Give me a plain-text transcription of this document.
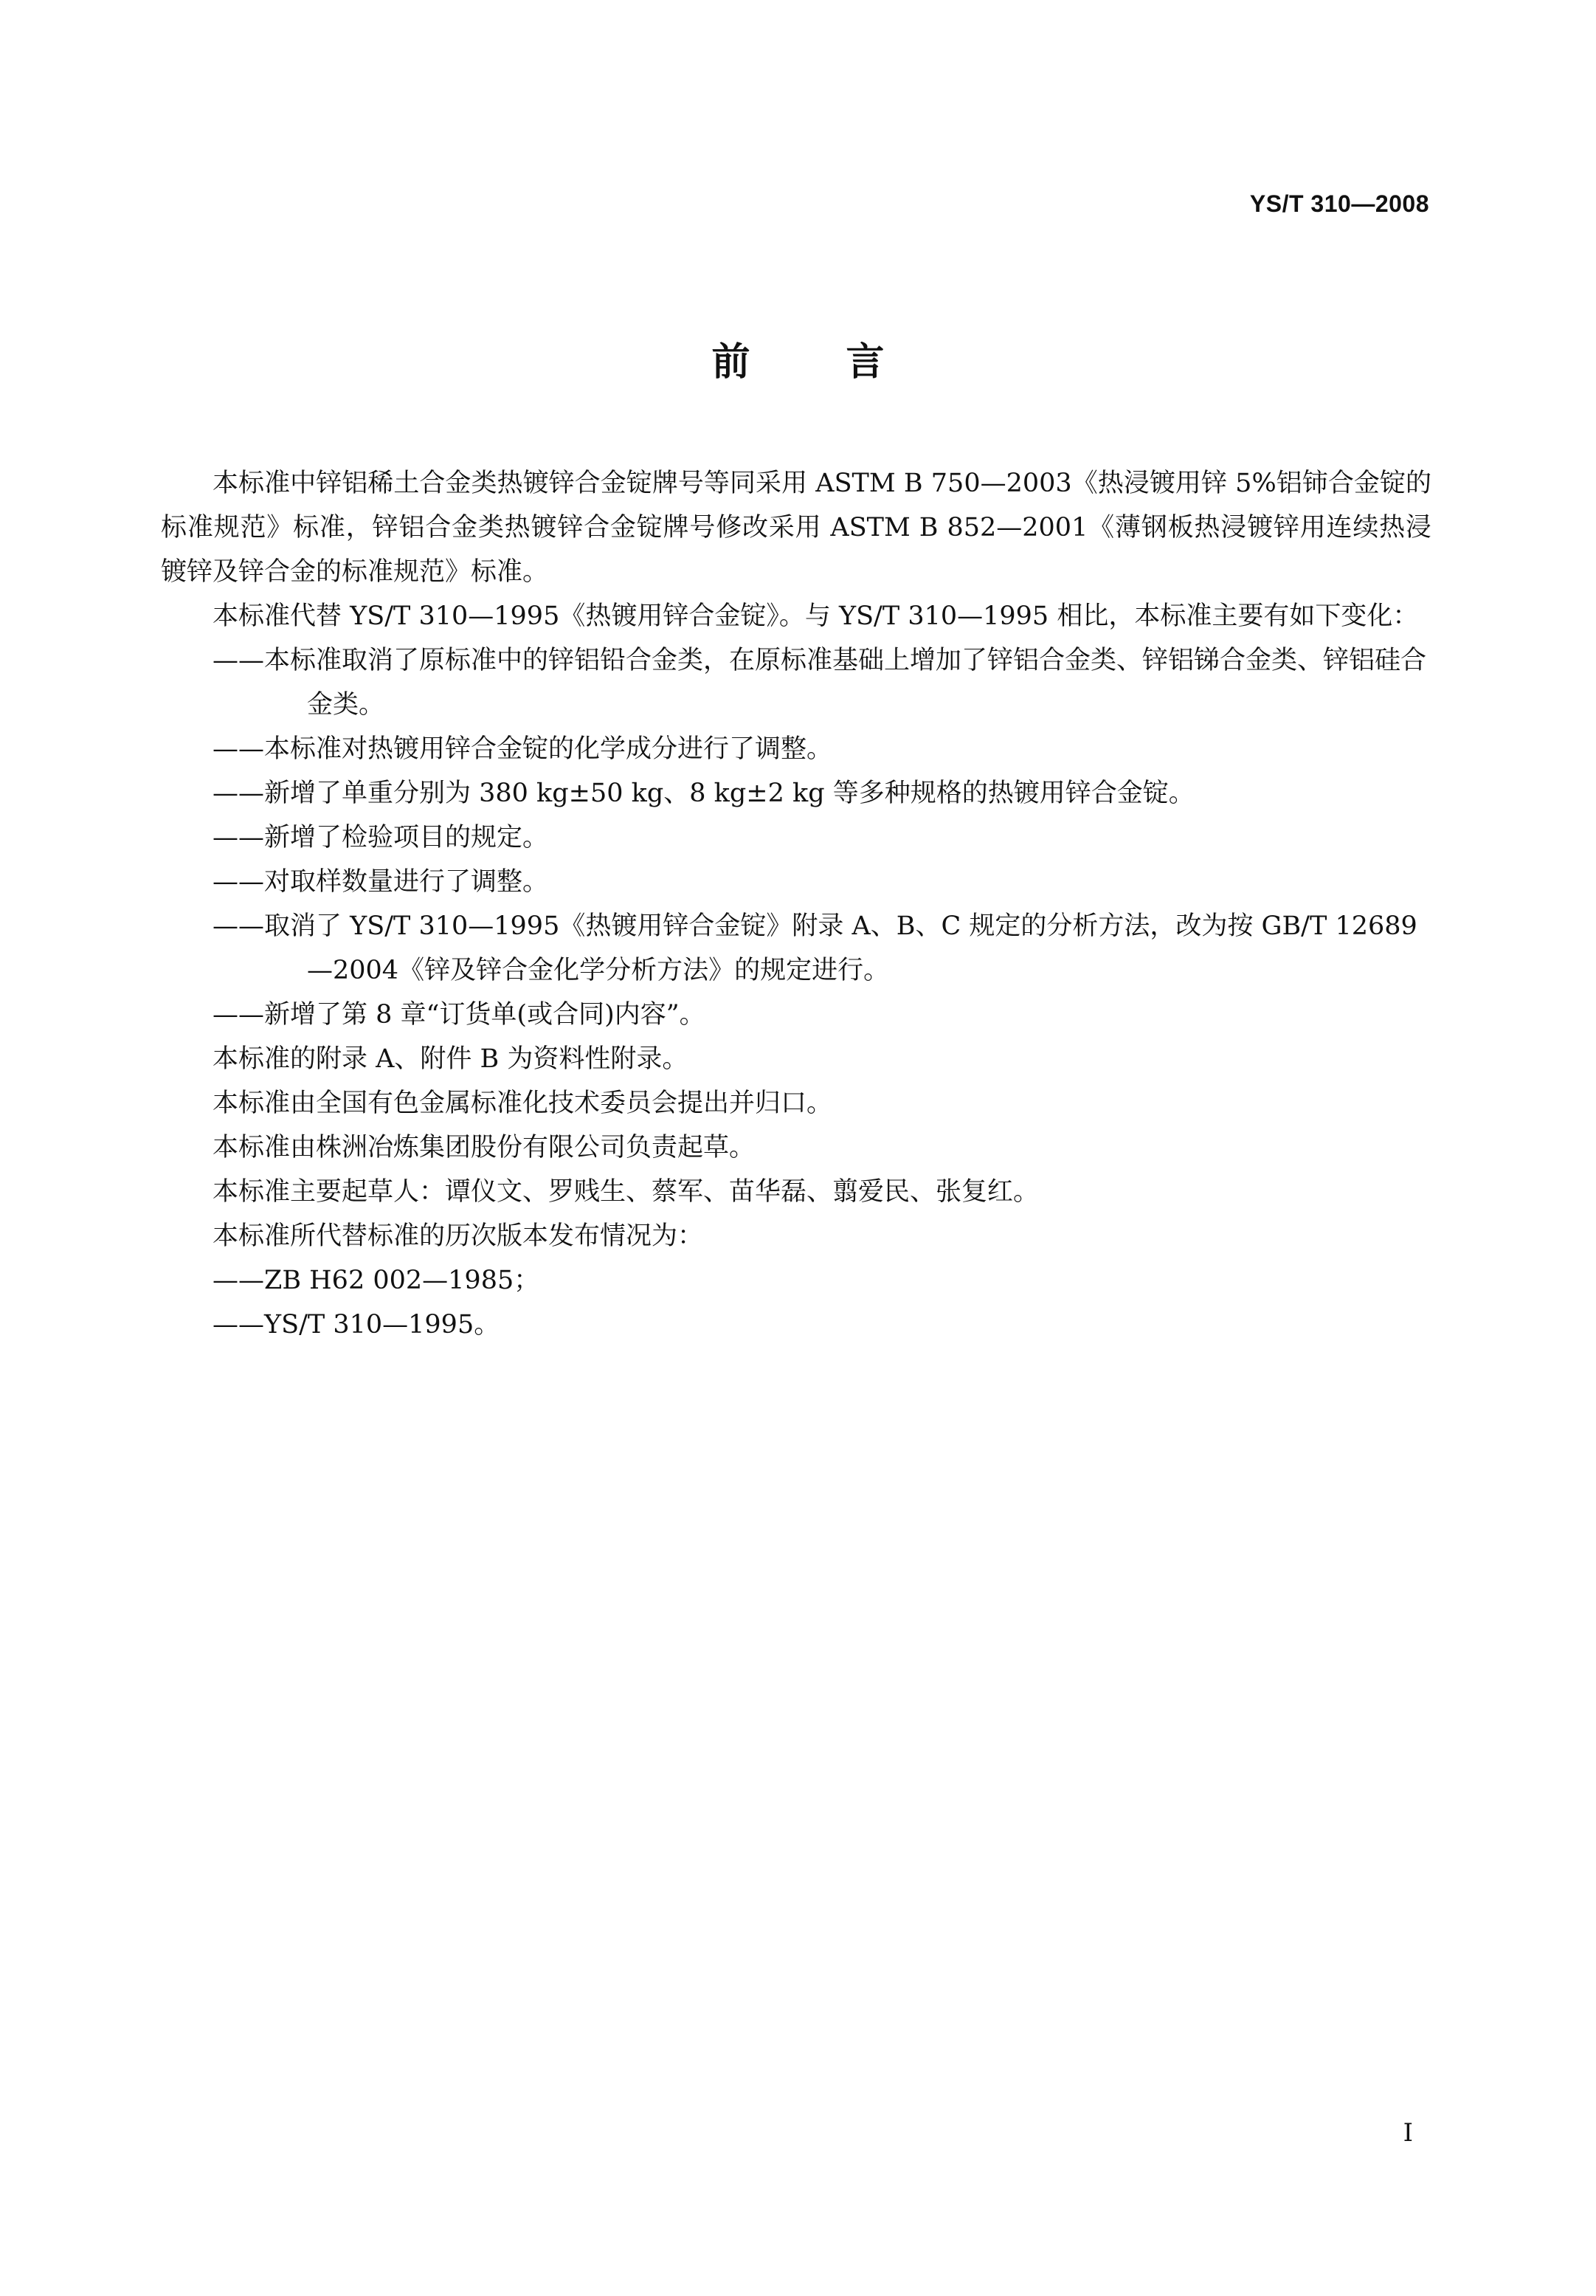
YS/T 310—2008
前言

本标准中锌铝稀土合金类热镀锌合金锭牌号等同采用 ASTM B 750—2003《热浸镀用锌 5%铝铈合金锭的标准规范》标准，锌铝合金类热镀锌合金锭牌号修改采用 ASTM B 852—2001《薄钢板热浸镀锌用连续热浸镀锌及锌合金的标准规范》标准。

本标准代替 YS/T 310—1995《热镀用锌合金锭》。与 YS/T 310—1995 相比，本标准主要有如下变化：

——本标准取消了原标准中的锌铝铅合金类，在原标准基础上增加了锌铝合金类、锌铝锑合金类、锌铝硅合金类。

——本标准对热镀用锌合金锭的化学成分进行了调整。

——新增了单重分别为 380 kg±50 kg、8 kg±2 kg 等多种规格的热镀用锌合金锭。

——新增了检验项目的规定。

——对取样数量进行了调整。

——取消了 YS/T 310—1995《热镀用锌合金锭》附录 A、B、C 规定的分析方法，改为按 GB/T 12689—2004《锌及锌合金化学分析方法》的规定进行。

——新增了第 8 章“订货单(或合同)内容”。

本标准的附录 A、附件 B 为资料性附录。

本标准由全国有色金属标准化技术委员会提出并归口。

本标准由株洲冶炼集团股份有限公司负责起草。

本标准主要起草人：谭仪文、罗贱生、蔡军、苗华磊、翦爱民、张复红。

本标准所代替标准的历次版本发布情况为：

——ZB H62 002—1985；

——YS/T 310—1995。

I
